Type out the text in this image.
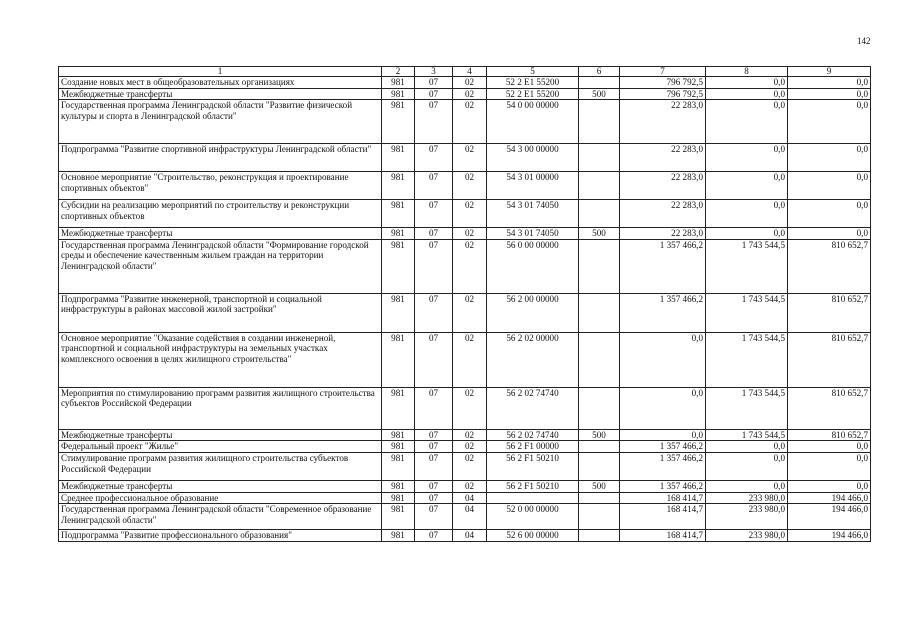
142
1	2	3	4	5	6	7	8	9
Создание новых мест в общеобразовательных организациях	981	07	02	52 2 E1 55200		796 792,5	0,0	0,0
Межбюджетные трансферты	981	07	02	52 2 E1 55200	500	796 792,5	0,0	0,0
Государственная программа Ленинградской области "Развитие физической культуры и спорта в Ленинградской области"	981	07	02	54 0 00 00000		22 283,0	0,0	0,0
Подпрограмма "Развитие спортивной инфраструктуры Ленинградской области"	981	07	02	54 3 00 00000		22 283,0	0,0	0,0
Основное мероприятие "Строительство, реконструкция и проектирование спортивных объектов"	981	07	02	54 3 01 00000		22 283,0	0,0	0,0
Субсидии на реализацию мероприятий по строительству и реконструкции спортивных объектов	981	07	02	54 3 01 74050		22 283,0	0,0	0,0
Межбюджетные трансферты	981	07	02	54 3 01 74050	500	22 283,0	0,0	0,0
Государственная программа Ленинградской области "Формирование городской среды и обеспечение качественным жильем граждан на территории Ленинградской области"	981	07	02	56 0 00 00000		1 357 466,2	1 743 544,5	810 652,7
Подпрограмма "Развитие инженерной, транспортной и социальной инфраструктуры в районах массовой жилой застройки"	981	07	02	56 2 00 00000		1 357 466,2	1 743 544,5	810 652,7
Основное мероприятие "Оказание содействия в создании инженерной, транспортной и социальной инфраструктуры на земельных участках комплексного освоения в целях жилищного строительства"	981	07	02	56 2 02 00000		0,0	1 743 544,5	810 652,7
Мероприятия по стимулированию программ развития жилищного строительства субъектов Российской Федерации	981	07	02	56 2 02 74740		0,0	1 743 544,5	810 652,7
Межбюджетные трансферты	981	07	02	56 2 02 74740	500	0,0	1 743 544,5	810 652,7
Федеральный проект "Жилье"	981	07	02	56 2 F1 00000		1 357 466,2	0,0	0,0
Стимулирование программ развития жилищного строительства субъектов Российской Федерации	981	07	02	56 2 F1 50210		1 357 466,2	0,0	0,0
Межбюджетные трансферты	981	07	02	56 2 F1 50210	500	1 357 466,2	0,0	0,0
Среднее профессиональное образование	981	07	04			168 414,7	233 980,0	194 466,0
Государственная программа Ленинградской области "Современное образование Ленинградской области"	981	07	04	52 0 00 00000		168 414,7	233 980,0	194 466,0
Подпрограмма "Развитие профессионального образования"	981	07	04	52 6 00 00000		168 414,7	233 980,0	194 466,0
